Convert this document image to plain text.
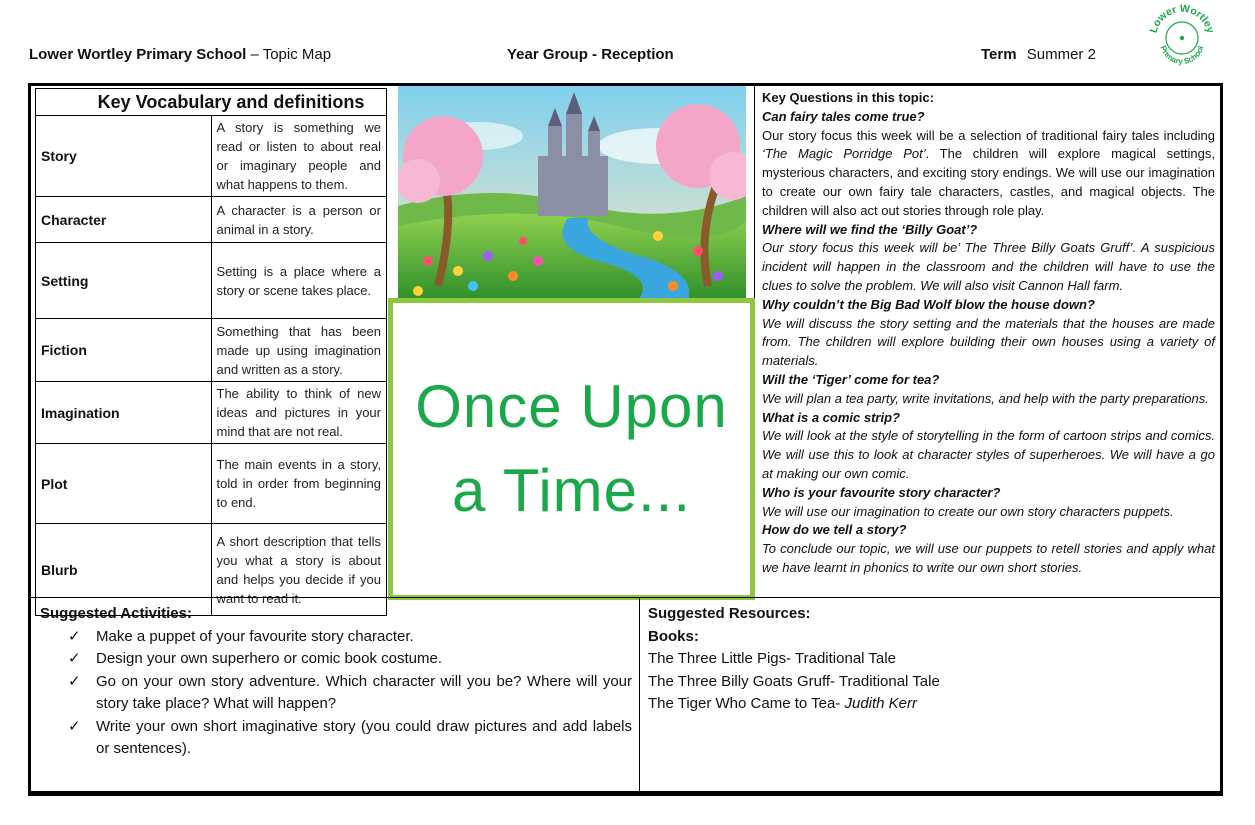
Lower Wortley Primary School – Topic Map	Year Group - Reception	Term Summer 2
Lower Wortley
Primary School
Key Vocabulary and definitions	
Story	A story is something we read or listen to about real or imaginary people and what happens to them.
Character	A character is a person or animal in a story.
Setting	Setting is a place where a story or scene takes place.
Fiction	Something that has been made up using imagination and written as a story.
Imagination	The ability to think of new ideas and pictures in your mind that are not real.
Plot	The main events in a story, told in order from beginning to end.
Blurb	A short description that tells you what a story is about and helps you decide if you want to read it.
Once Upon
a Time...
Key Questions in this topic:
Can fairy tales come true?

Our story focus this week will be a selection of traditional fairy tales including ‘The Magic Porridge Pot’. The children will explore magical settings, mysterious characters, and exciting story endings. We will use our imagination to create our own fairy tale characters, castles, and magical objects. The children will also act out stories through role play.

Where will we find the ‘Billy Goat’?

Our story focus this week will be’ The Three Billy Goats Gruff’. A suspicious incident will happen in the classroom and the children will have to use the clues to solve the problem. We will also visit Cannon Hall farm.

Why couldn’t the Big Bad Wolf blow the house down?

We will discuss the story setting and the materials that the houses are made from. The children will explore building their own houses using a variety of materials.

Will the ‘Tiger’ come for tea?

We will plan a tea party, write invitations, and help with the party preparations.

What is a comic strip?

We will look at the style of storytelling in the form of cartoon strips and comics. We will use this to look at character styles of superheroes. We will have a go at making our own comic.

Who is your favourite story character?

We will use our imagination to create our own story characters puppets.

How do we tell a story?

To conclude our topic, we will use our puppets to retell stories and apply what we have learnt in phonics to write our own short stories.

Suggested Activities:
✓ Make a puppet of your favourite story character.
✓ Design your own superhero or comic book costume.
✓ Go on your own story adventure. Which character will you be? Where will your story take place? What will happen?
✓ Write your own short imaginative story (you could draw pictures and add labels or sentences).
Suggested Resources:
Books:
The Three Little Pigs- Traditional Tale
The Three Billy Goats Gruff- Traditional Tale
The Tiger Who Came to Tea- Judith Kerr
